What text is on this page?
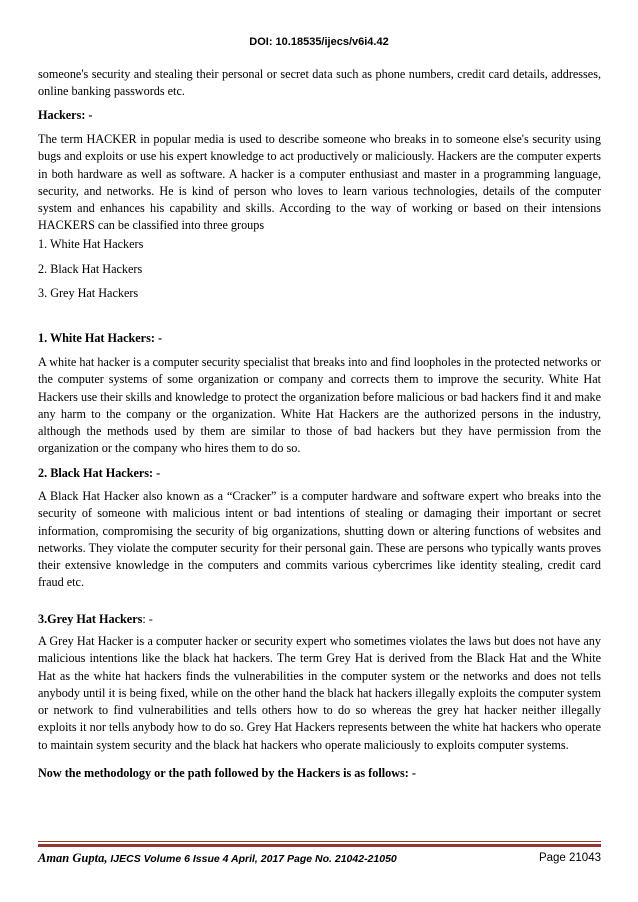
DOI: 10.18535/ijecs/v6i4.42

someone's security and stealing their personal or secret data such as phone numbers, credit card details, addresses, online banking passwords etc.

Hackers: -

The term HACKER in popular media is used to describe someone who breaks in to someone else's security using bugs and exploits or use his expert knowledge to act productively or maliciously. Hackers are the computer experts in both hardware as well as software. A hacker is a computer enthusiast and master in a programming language, security, and networks. He is kind of person who loves to learn various technologies, details of the computer system and enhances his capability and skills. According to the way of working or based on their intensions HACKERS can be classified into three groups

1. White Hat Hackers

2. Black Hat Hackers

3. Grey Hat Hackers

1. White Hat Hackers: -

A white hat hacker is a computer security specialist that breaks into and find loopholes in the protected networks or the computer systems of some organization or company and corrects them to improve the security. White Hat Hackers use their skills and knowledge to protect the organization before malicious or bad hackers find it and make any harm to the company or the organization. White Hat Hackers are the authorized persons in the industry, although the methods used by them are similar to those of bad hackers but they have permission from the organization or the company who hires them to do so.

2. Black Hat Hackers: -

A Black Hat Hacker also known as a “Cracker” is a computer hardware and software expert who breaks into the security of someone with malicious intent or bad intentions of stealing or damaging their important or secret information, compromising the security of big organizations, shutting down or altering functions of websites and networks. They violate the computer security for their personal gain. These are persons who typically wants proves their extensive knowledge in the computers and commits various cybercrimes like identity stealing, credit card fraud etc.

3.Grey Hat Hackers: -

A Grey Hat Hacker is a computer hacker or security expert who sometimes violates the laws but does not have any malicious intentions like the black hat hackers. The term Grey Hat is derived from the Black Hat and the White Hat as the white hat hackers finds the vulnerabilities in the computer system or the networks and does not tells anybody until it is being fixed, while on the other hand the black hat hackers illegally exploits the computer system or network to find vulnerabilities and tells others how to do so whereas the grey hat hacker neither illegally exploits it nor tells anybody how to do so. Grey Hat Hackers represents between the white hat hackers who operate to maintain system security and the black hat hackers who operate maliciously to exploits computer systems.

Now the methodology or the path followed by the Hackers is as follows: -

Aman Gupta, IJECS Volume 6 Issue 4 April, 2017 Page No. 21042-21050	Page 21043
